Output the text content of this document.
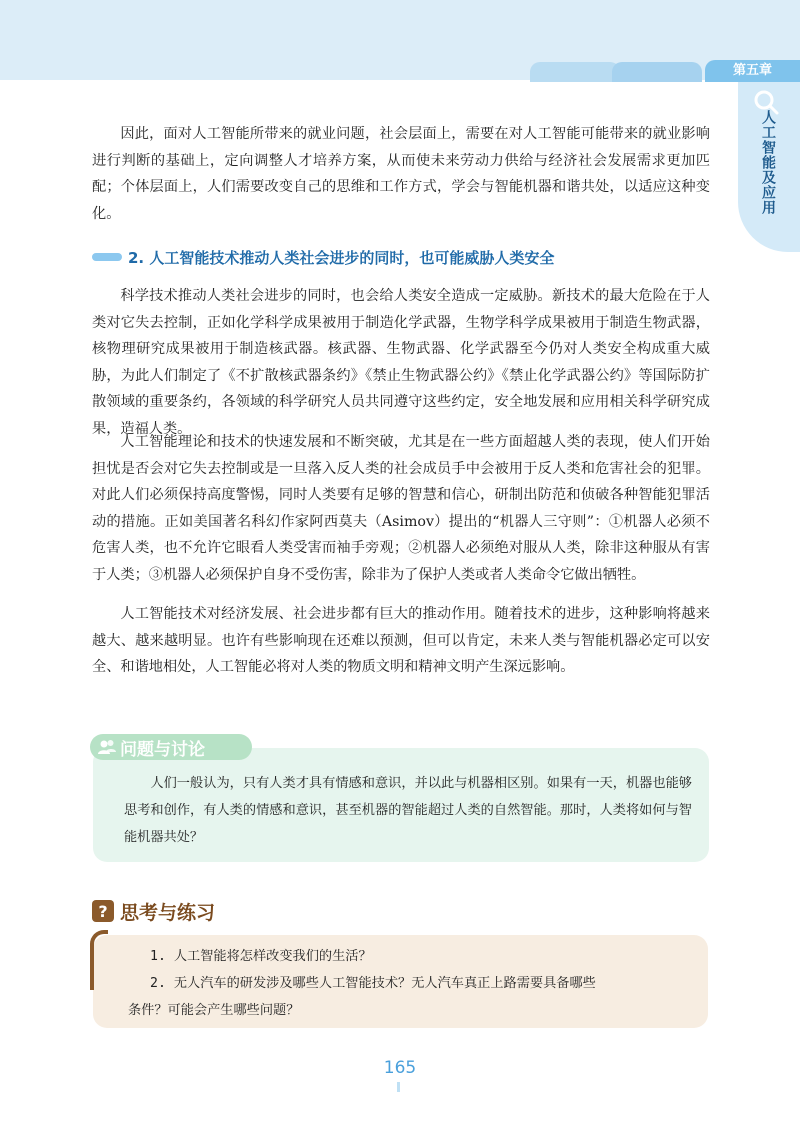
第五章
人工智能及应用

因此，面对人工智能所带来的就业问题，社会层面上，需要在对人工智能可能带来的就业影响进行判断的基础上，定向调整人才培养方案，从而使未来劳动力供给与经济社会发展需求更加匹配；个体层面上，人们需要改变自己的思维和工作方式，学会与智能机器和谐共处，以适应这种变化。

2. 人工智能技术推动人类社会进步的同时，也可能威胁人类安全

科学技术推动人类社会进步的同时，也会给人类安全造成一定威胁。新技术的最大危险在于人类对它失去控制，正如化学科学成果被用于制造化学武器，生物学科学成果被用于制造生物武器，核物理研究成果被用于制造核武器。核武器、生物武器、化学武器至今仍对人类安全构成重大威胁，为此人们制定了《不扩散核武器条约》《禁止生物武器公约》《禁止化学武器公约》等国际防扩散领域的重要条约，各领域的科学研究人员共同遵守这些约定，安全地发展和应用相关科学研究成果，造福人类。

人工智能理论和技术的快速发展和不断突破，尤其是在一些方面超越人类的表现，使人们开始担忧是否会对它失去控制或是一旦落入反人类的社会成员手中会被用于反人类和危害社会的犯罪。对此人们必须保持高度警惕，同时人类要有足够的智慧和信心，研制出防范和侦破各种智能犯罪活动的措施。正如美国著名科幻作家阿西莫夫（Asimov）提出的“机器人三守则”：①机器人必须不危害人类，也不允许它眼看人类受害而袖手旁观；②机器人必须绝对服从人类，除非这种服从有害于人类；③机器人必须保护自身不受伤害，除非为了保护人类或者人类命令它做出牺牲。

人工智能技术对经济发展、社会进步都有巨大的推动作用。随着技术的进步，这种影响将越来越大、越来越明显。也许有些影响现在还难以预测，但可以肯定，未来人类与智能机器必定可以安全、和谐地相处，人工智能必将对人类的物质文明和精神文明产生深远影响。

问题与讨论

人们一般认为，只有人类才具有情感和意识，并以此与机器相区别。如果有一天，机器也能够思考和创作，有人类的情感和意识，甚至机器的智能超过人类的自然智能。那时，人类将如何与智能机器共处？

? 思考与练习
1. 人工智能将怎样改变我们的生活？
2. 无人汽车的研发涉及哪些人工智能技术？无人汽车真正上路需要具备哪些
条件？可能会产生哪些问题？
165
